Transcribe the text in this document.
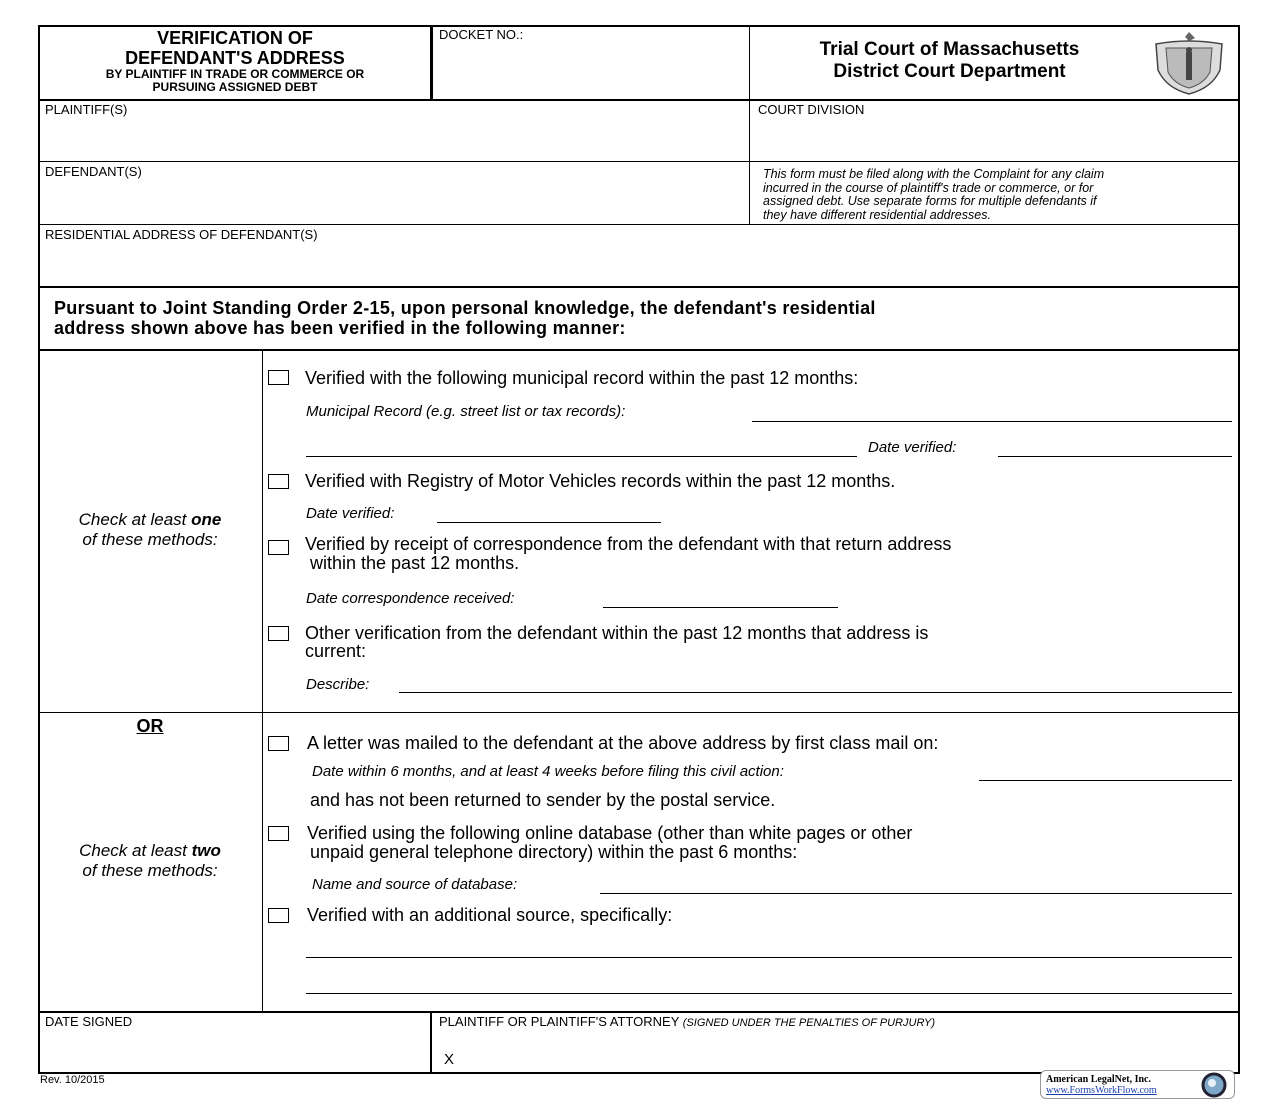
VERIFICATION OF
DEFENDANT'S ADDRESS
BY PLAINTIFF IN TRADE OR COMMERCE OR
PURSUING ASSIGNED DEBT
DOCKET NO.:
Trial Court of Massachusetts
District Court Department
PLAINTIFF(S)	COURT DIVISION
DEFENDANT(S)	This form must be filed along with the Complaint for any claim
incurred in the course of plaintiff's trade or commerce, or for
assigned debt. Use separate forms for multiple defendants if
they have different residential addresses.
RESIDENTIAL ADDRESS OF DEFENDANT(S)
Pursuant to Joint Standing Order 2-15, upon personal knowledge, the defendant's residential
address shown above has been verified in the following manner:
Check at least one
of these methods:
Verified with the following municipal record within the past 12 months:
Municipal Record (e.g. street list or tax records):
Date verified:
Verified with Registry of Motor Vehicles records within the past 12 months.
Date verified:
Verified by receipt of correspondence from the defendant with that return address
within the past 12 months.
Date correspondence received:
Other verification from the defendant within the past 12 months that address is
current:
Describe:
OR
Check at least two
of these methods:
A letter was mailed to the defendant at the above address by first class mail on:
Date within 6 months, and at least 4 weeks before filing this civil action:
and has not been returned to sender by the postal service.
Verified using the following online database (other than white pages or other
unpaid general telephone directory) within the past 6 months:
Name and source of database:
Verified with an additional source, specifically:
DATE SIGNED	PLAINTIFF OR PLAINTIFF'S ATTORNEY (SIGNED UNDER THE PENALTIES OF PURJURY)
X
Rev. 10/2015	American LegalNet, Inc.
www.FormsWorkFlow.com
